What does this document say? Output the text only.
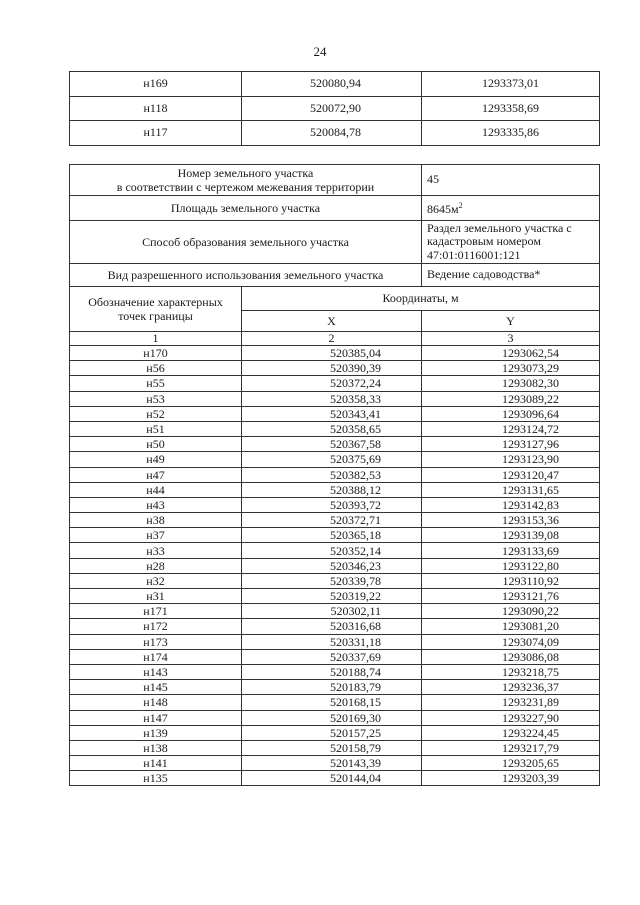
24
н169	520080,94	1293373,01
н118	520072,90	1293358,69
н117	520084,78	1293335,86
Номер земельного участка
в соответствии с чертежом межевания территории		45
Площадь земельного участка		$8645м^2$
Способ образования земельного участка		Раздел земельного участка с кадастровым номером 47:01:0116001:121
Вид разрешенного использования земельного участка		Ведение садоводства*
Обозначение характерных точек границы	Координаты, м	
	X	Y
1	2	3
н170	520385,04	1293062,54
н56	520390,39	1293073,29
н55	520372,24	1293082,30
н53	520358,33	1293089,22
н52	520343,41	1293096,64
н51	520358,65	1293124,72
н50	520367,58	1293127,96
н49	520375,69	1293123,90
н47	520382,53	1293120,47
н44	520388,12	1293131,65
н43	520393,72	1293142,83
н38	520372,71	1293153,36
н37	520365,18	1293139,08
н33	520352,14	1293133,69
н28	520346,23	1293122,80
н32	520339,78	1293110,92
н31	520319,22	1293121,76
н171	520302,11	1293090,22
н172	520316,68	1293081,20
н173	520331,18	1293074,09
н174	520337,69	1293086,08
н143	520188,74	1293218,75
н145	520183,79	1293236,37
н148	520168,15	1293231,89
н147	520169,30	1293227,90
н139	520157,25	1293224,45
н138	520158,79	1293217,79
н141	520143,39	1293205,65
н135	520144,04	1293203,39
